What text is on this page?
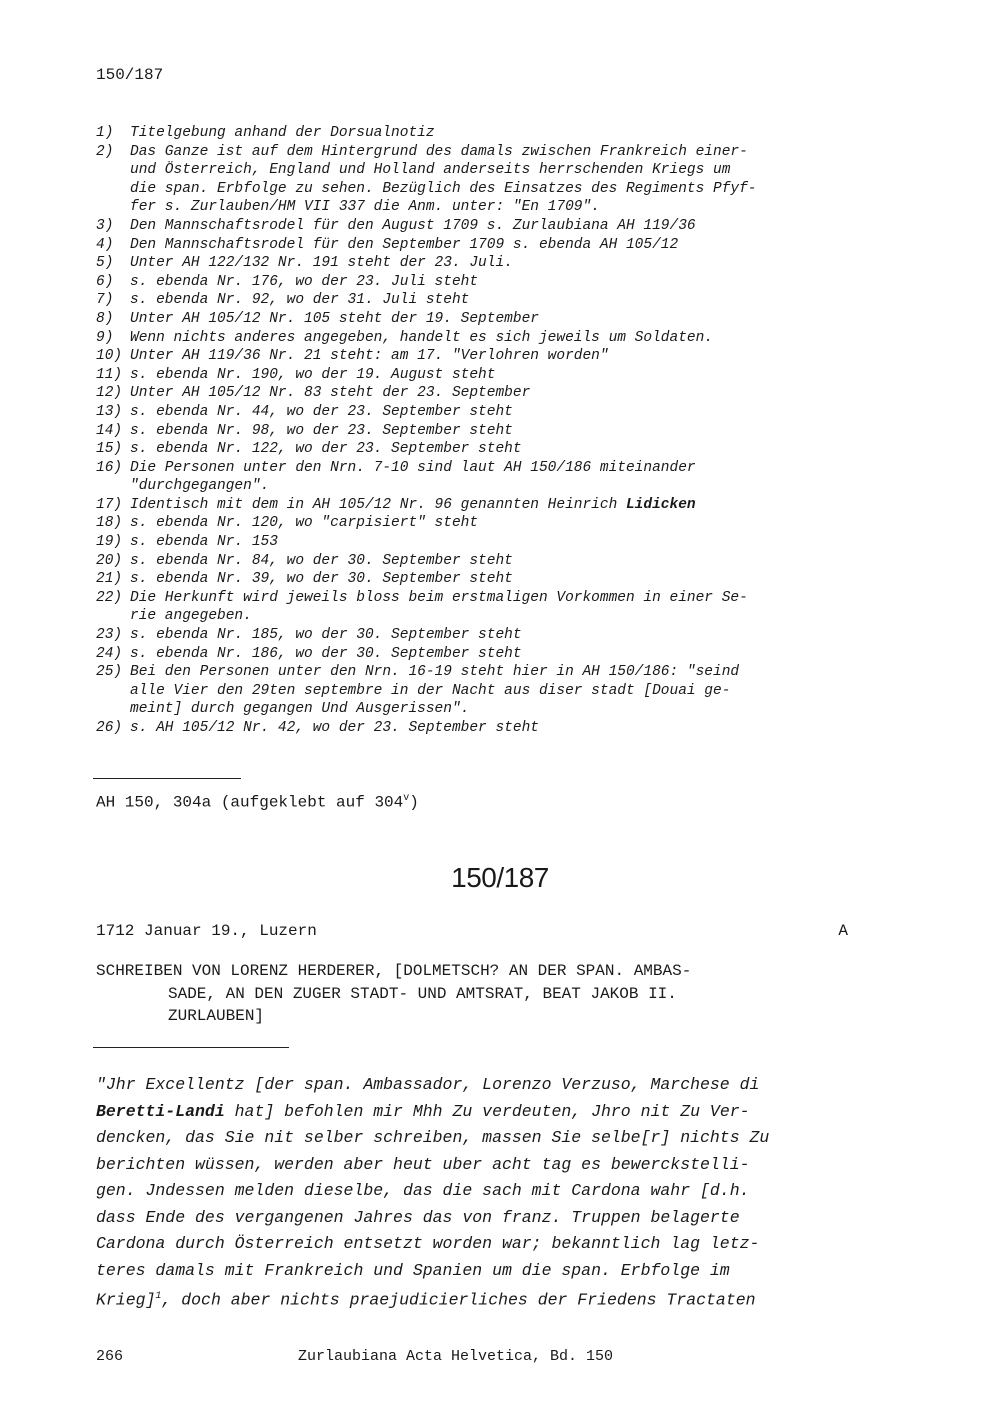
150/187
1)	Titelgebung anhand der Dorsualnotiz
2)	Das Ganze ist auf dem Hintergrund des damals zwischen Frankreich einer-
und Österreich, England und Holland anderseits herrschenden Kriegs um
die span. Erbfolge zu sehen. Bezüglich des Einsatzes des Regiments Pfyf-
fer s. Zurlauben/HM VII 337 die Anm. unter: "En 1709".
3)	Den Mannschaftsrodel für den August 1709 s. Zurlaubiana AH 119/36
4)	Den Mannschaftsrodel für den September 1709 s. ebenda AH 105/12
5)	Unter AH 122/132 Nr. 191 steht der 23. Juli.
6)	s. ebenda Nr. 176, wo der 23. Juli steht
7)	s. ebenda Nr. 92, wo der 31. Juli steht
8)	Unter AH 105/12 Nr. 105 steht der 19. September
9)	Wenn nichts anderes angegeben, handelt es sich jeweils um Soldaten.
10) Unter AH 119/36 Nr. 21 steht: am 17. "Verlohren worden"
11) s. ebenda Nr. 190, wo der 19. August steht
12) Unter AH 105/12 Nr. 83 steht der 23. September
13) s. ebenda Nr. 44, wo der 23. September steht
14) s. ebenda Nr. 98, wo der 23. September steht
15) s. ebenda Nr. 122, wo der 23. September steht
16) Die Personen unter den Nrn. 7-10 sind laut AH 150/186 miteinander
"durchgegangen".
17) Identisch mit dem in AH 105/12 Nr. 96 genannten Heinrich Lidicken
18) s. ebenda Nr. 120, wo "carpisiert" steht
19) s. ebenda Nr. 153
20) s. ebenda Nr. 84, wo der 30. September steht
21) s. ebenda Nr. 39, wo der 30. September steht
22) Die Herkunft wird jeweils bloss beim erstmaligen Vorkommen in einer Se-
rie angegeben.
23) s. ebenda Nr. 185, wo der 30. September steht
24) s. ebenda Nr. 186, wo der 30. September steht
25) Bei den Personen unter den Nrn. 16-19 steht hier in AH 150/186: "seind
alle Vier den 29ten septembre in der Nacht aus diser stadt [Douai ge-
meint] durch gegangen Und Ausgerissen".
26) s. AH 105/12 Nr. 42, wo der 23. September steht
AH 150, 304a (aufgeklebt auf 304$^v$)
150/187
1712 Januar 19., Luzern	A
SCHREIBEN VON LORENZ HERDERER, [DOLMETSCH? AN DER SPAN. AMBAS-
SADE, AN DEN ZUGER STADT- UND AMTSRAT, BEAT JAKOB II.
ZURLAUBEN]
"Jhr Excellentz [der span. Ambassador, Lorenzo Verzuso, Marchese di
Beretti-Landi hat] befohlen mir Mhh Zu verdeuten, Jhro nit Zu Ver-
dencken, das Sie nit selber schreiben, massen Sie selbe[r] nichts Zu
berichten wüssen, werden aber heut uber acht tag es bewerckstelli-
gen. Jndessen melden dieselbe, das die sach mit Cardona wahr [d.h.
dass Ende des vergangenen Jahres das von franz. Truppen belagerte
Cardona durch Österreich entsetzt worden war; bekanntlich lag letz-
teres damals mit Frankreich und Spanien um die span. Erbfolge im
Krieg]$^1$, doch aber nichts praejudicierliches der Friedens Tractaten
266	Zurlaubiana Acta Helvetica, Bd. 150
